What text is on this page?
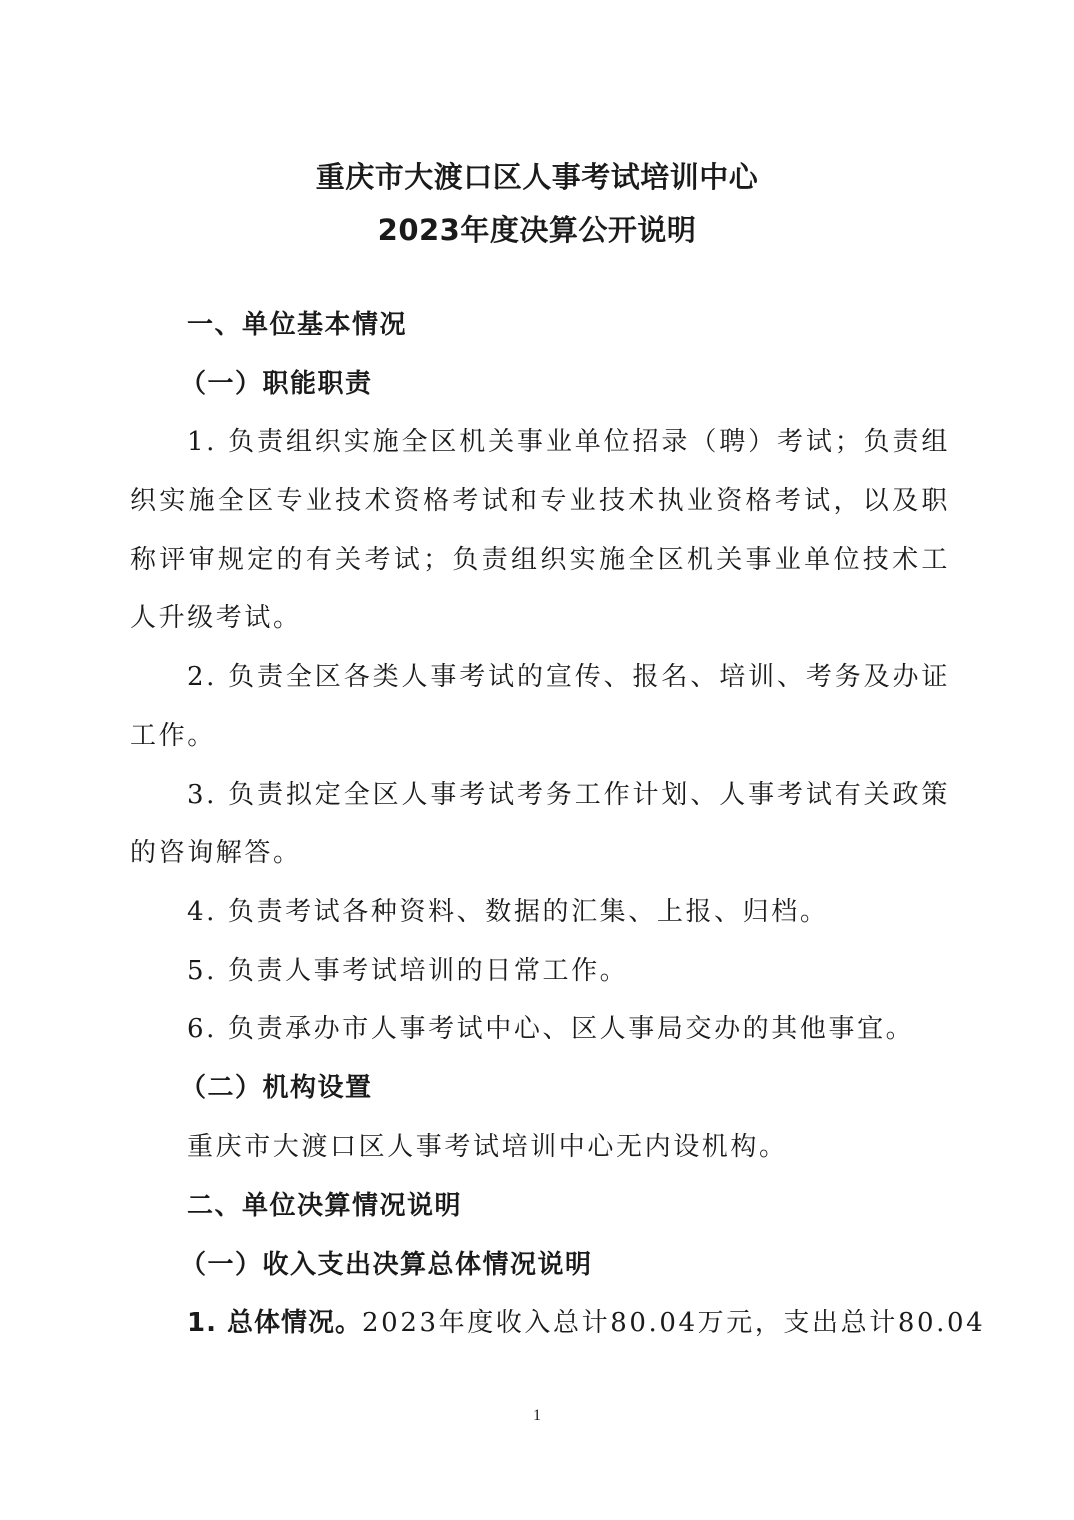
重庆市大渡口区人事考试培训中心
2023年度决算公开说明
一、单位基本情况
（一）职能职责
1. 负责组织实施全区机关事业单位招录（聘）考试；负责组
织实施全区专业技术资格考试和专业技术执业资格考试，以及职
称评审规定的有关考试；负责组织实施全区机关事业单位技术工
人升级考试。
2. 负责全区各类人事考试的宣传、报名、培训、考务及办证
工作。
3. 负责拟定全区人事考试考务工作计划、人事考试有关政策
的咨询解答。
4. 负责考试各种资料、数据的汇集、上报、归档。
5. 负责人事考试培训的日常工作。
6. 负责承办市人事考试中心、区人事局交办的其他事宜。
（二）机构设置
重庆市大渡口区人事考试培训中心无内设机构。
二、单位决算情况说明
（一）收入支出决算总体情况说明
1. 总体情况。2023年度收入总计80.04万元，支出总计80.04
1
